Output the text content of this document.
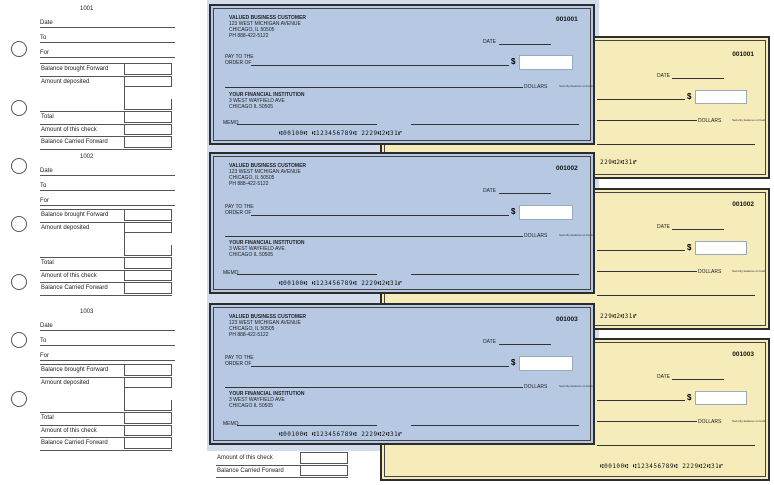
1001
Date
To
For
Balance brought Forward
Amount deposited
Total
Amount of this check
Balance Carried Forward
1002
Date
To
For
Balance brought Forward
Amount deposited
Total
Amount of this check
Balance Carried Forward
1003
Date
To
For
Balance brought Forward
Amount deposited
Total
Amount of this check
Balance Carried Forward
Amount of this check
Balance Carried Forward
001001
DATE
$
DOLLARS	Security features on back
229⑆2⑆31⑈
001002
DATE
$
DOLLARS	Security features on back
229⑆2⑆31⑈
001003
DATE
$
DOLLARS	Security features on back
⑆00100⑆ ⑆123456789⑆ 2229⑆2⑆31⑈
VALUED BUSINESS CUSTOMER
123 WEST MICHIGAN AVENUE
CHICAGO, IL 50505
PH 888-422-5122
001001
DATE
PAY TO THE
ORDER OF	$
DOLLARS	Security features on back
YOUR FINANCIAL INSTITUTION
3 WEST WAYFIELD AVE
CHICAGO IL 50505
MEMO
⑆00100⑆ ⑆123456789⑆ 2229⑆2⑆31⑈
VALUED BUSINESS CUSTOMER
123 WEST MICHIGAN AVENUE
CHICAGO, IL 50505
PH 888-422-5122
001002
DATE
PAY TO THE
ORDER OF	$
DOLLARS	Security features on back
YOUR FINANCIAL INSTITUTION
3 WEST WAYFIELD AVE
CHICAGO IL 50505
MEMO
⑆00100⑆ ⑆123456789⑆ 2229⑆2⑆31⑈
VALUED BUSINESS CUSTOMER
123 WEST MICHIGAN AVENUE
CHICAGO, IL 50505
PH 888-422-5122
001003
DATE
PAY TO THE
ORDER OF	$
DOLLARS	Security features on back
YOUR FINANCIAL INSTITUTION
3 WEST WAYFIELD AVE
CHICAGO IL 50505
MEMO
⑆00100⑆ ⑆123456789⑆ 2229⑆2⑆31⑈
